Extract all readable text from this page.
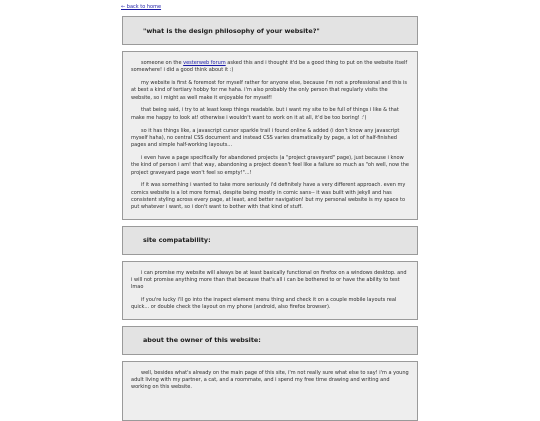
← back to home
"what is the design philosophy of your website?"

someone on the vesterweb forum asked this and i thought it'd be a good thing to put on the website itself somewhere! i did a good think about it :)

my website is first & foremost for myself rather for anyone else, because i'm not a professional and this is at best a kind of tertiary hobby for me haha. i'm also probably the only person that regularly visits the website, so i might as well make it enjoyable for myself!

that being said, i try to at least keep things readable. but i want my site to be full of things i like & that make me happy to look at! otherwise i wouldn't want to work on it at all, it'd be too boring! :')

so it has things like, a javascript cursor sparkle trail i found online & added (i don't know any javascript myself haha), no central CSS document and instead CSS varies dramatically by page, a lot of half-finished pages and simple half-working layouts...

i even have a page specifically for abandoned projects (a "project graveyard" page), just because i know the kind of person i am! that way, abandoning a project doesn't feel like a failure so much as "oh well, now the project graveyard page won't feel so empty!"...!

if it was something i wanted to take more seriously i'd definitely have a very different approach. even my comics website is a lot more formal, despite being mostly in comic sans-- it was built with jekyll and has consistent styling across every page, at least, and better navigation! but my personal website is my space to put whatever i want, so i don't want to bother with that kind of stuff.

site compatability:

i can promise my website will always be at least basically functional on firefox on a windows desktop. and i will not promise anything more than that because that's all i can be bothered to or have the ability to test lmao

if you're lucky i'll go into the inspect element menu thing and check it on a couple mobile layouts real quick... or double check the layout on my phone (android, also firefox browser).

about the owner of this website:

well, besides what's already on the main page of this site, i'm not really sure what else to say! i'm a young adult living with my partner, a cat, and a roommate, and i spend my free time drawing and writing and working on this website.
